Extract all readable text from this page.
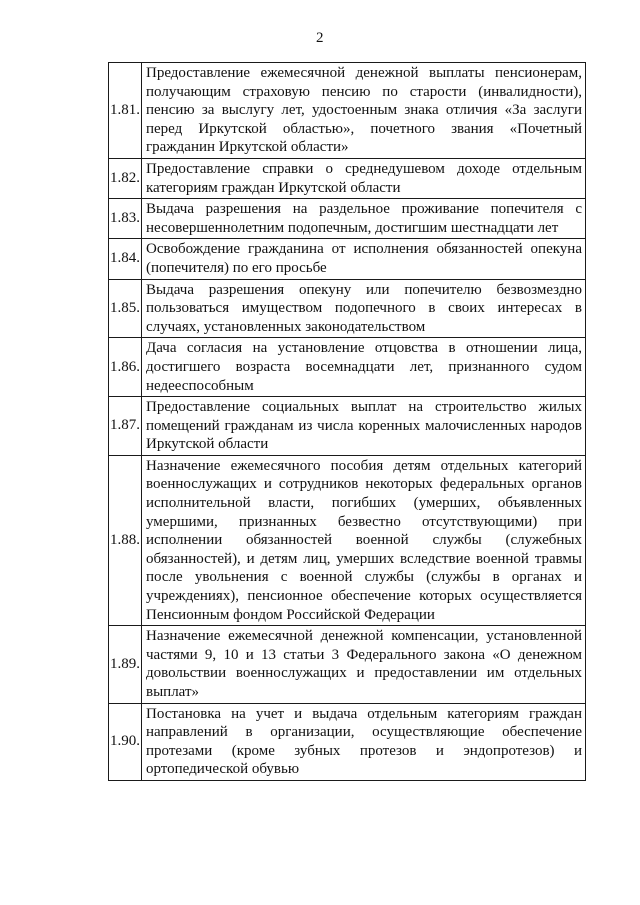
2
1.81.	Предоставление ежемесячной денежной выплаты пенсионерам, получающим страховую пенсию по старости (инвалидности), пенсию за выслугу лет, удостоенным знака отличия «За заслуги перед Иркутской областью», почетного звания «Почетный гражданин Иркутской области»
1.82.	Предоставление справки о среднедушевом доходе отдельным категориям граждан Иркутской области
1.83.	Выдача разрешения на раздельное проживание попечителя с несовершеннолетним подопечным, достигшим шестнадцати лет
1.84.	Освобождение гражданина от исполнения обязанностей опекуна (попечителя) по его просьбе
1.85.	Выдача разрешения опекуну или попечителю безвозмездно пользоваться имуществом подопечного в своих интересах в случаях, установленных законодательством
1.86.	Дача согласия на установление отцовства в отношении лица, достигшего возраста восемнадцати лет, признанного судом недееспособным
1.87.	Предоставление социальных выплат на строительство жилых помещений гражданам из числа коренных малочисленных народов Иркутской области
1.88.	Назначение ежемесячного пособия детям отдельных категорий военнослужащих и сотрудников некоторых федеральных органов исполнительной власти, погибших (умерших, объявленных умершими, признанных безвестно отсутствующими) при исполнении обязанностей военной службы (служебных обязанностей), и детям лиц, умерших вследствие военной травмы после увольнения с военной службы (службы в органах и учреждениях), пенсионное обеспечение которых осуществляется Пенсионным фондом Российской Федерации
1.89.	Назначение ежемесячной денежной компенсации, установленной частями 9, 10 и 13 статьи 3 Федерального закона «О денежном довольствии военнослужащих и предоставлении им отдельных выплат»
1.90.	Постановка на учет и выдача отдельным категориям граждан направлений в организации, осуществляющие обеспечение протезами (кроме зубных протезов и эндопротезов) и ортопедической обувью
